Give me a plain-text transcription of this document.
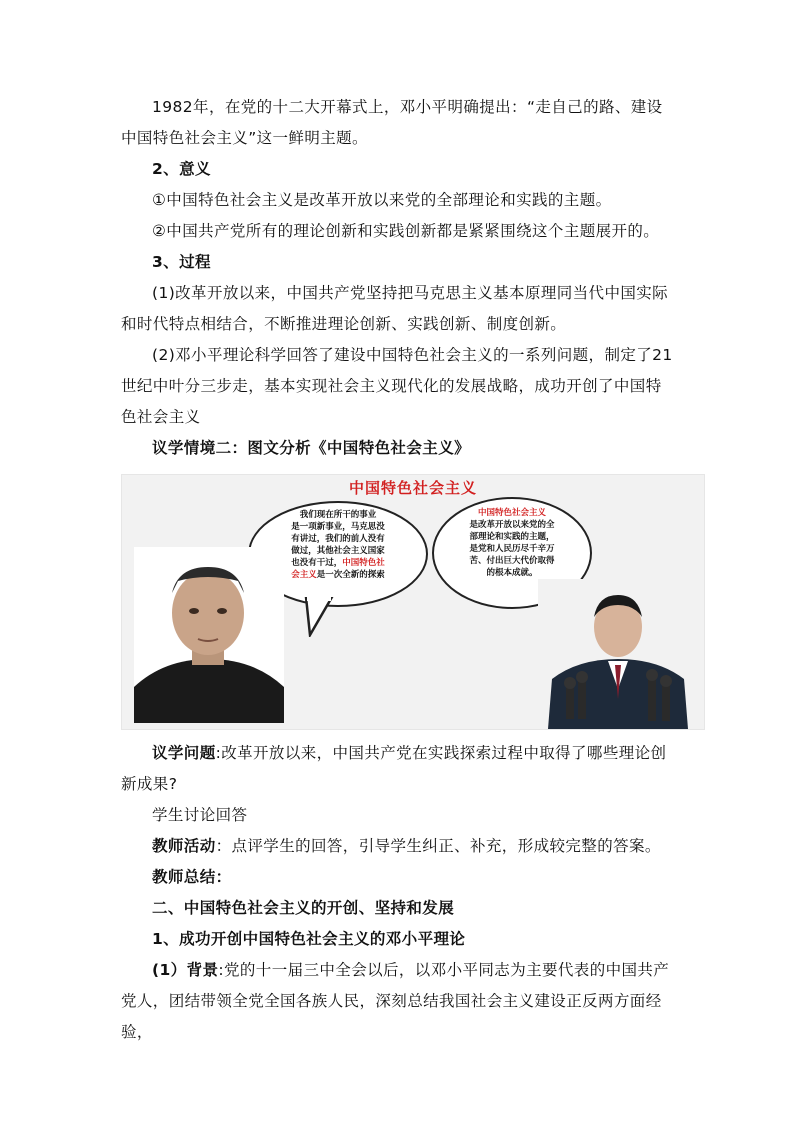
1982年，在党的十二大开幕式上，邓小平明确提出：“走自己的路、建设中国特色社会主义”这一鲜明主题。

2、意义

①中国特色社会主义是改革开放以来党的全部理论和实践的主题。

②中国共产党所有的理论创新和实践创新都是紧紧围绕这个主题展开的。

3、过程

(1)改革开放以来，中国共产党坚持把马克思主义基本原理同当代中国实际和时代特点相结合，不断推进理论创新、实践创新、制度创新。

(2)邓小平理论科学回答了建设中国特色社会主义的一系列问题，制定了21世纪中叶分三步走，基本实现社会主义现代化的发展战略，成功开创了中国特色社会主义

议学情境二：图文分析《中国特色社会主义》

中国特色社会主义
我们现在所干的事业
是一项新事业，马克思没
有讲过，我们的前人没有
做过，其他社会主义国家
也没有干过，中国特色社
会主义是一次全新的探索
中国特色社会主义
是改革开放以来党的全
部理论和实践的主题，
是党和人民历尽千辛万
苦、付出巨大代价取得
的根本成就。

议学问题:改革开放以来，中国共产党在实践探索过程中取得了哪些理论创新成果?

学生讨论回答

教师活动：点评学生的回答，引导学生纠正、补充，形成较完整的答案。

教师总结：

二、中国特色社会主义的开创、坚持和发展

1、成功开创中国特色社会主义的邓小平理论

(1）背景:党的十一届三中全会以后，以邓小平同志为主要代表的中国共产党人，团结带领全党全国各族人民，深刻总结我国社会主义建设正反两方面经验，
